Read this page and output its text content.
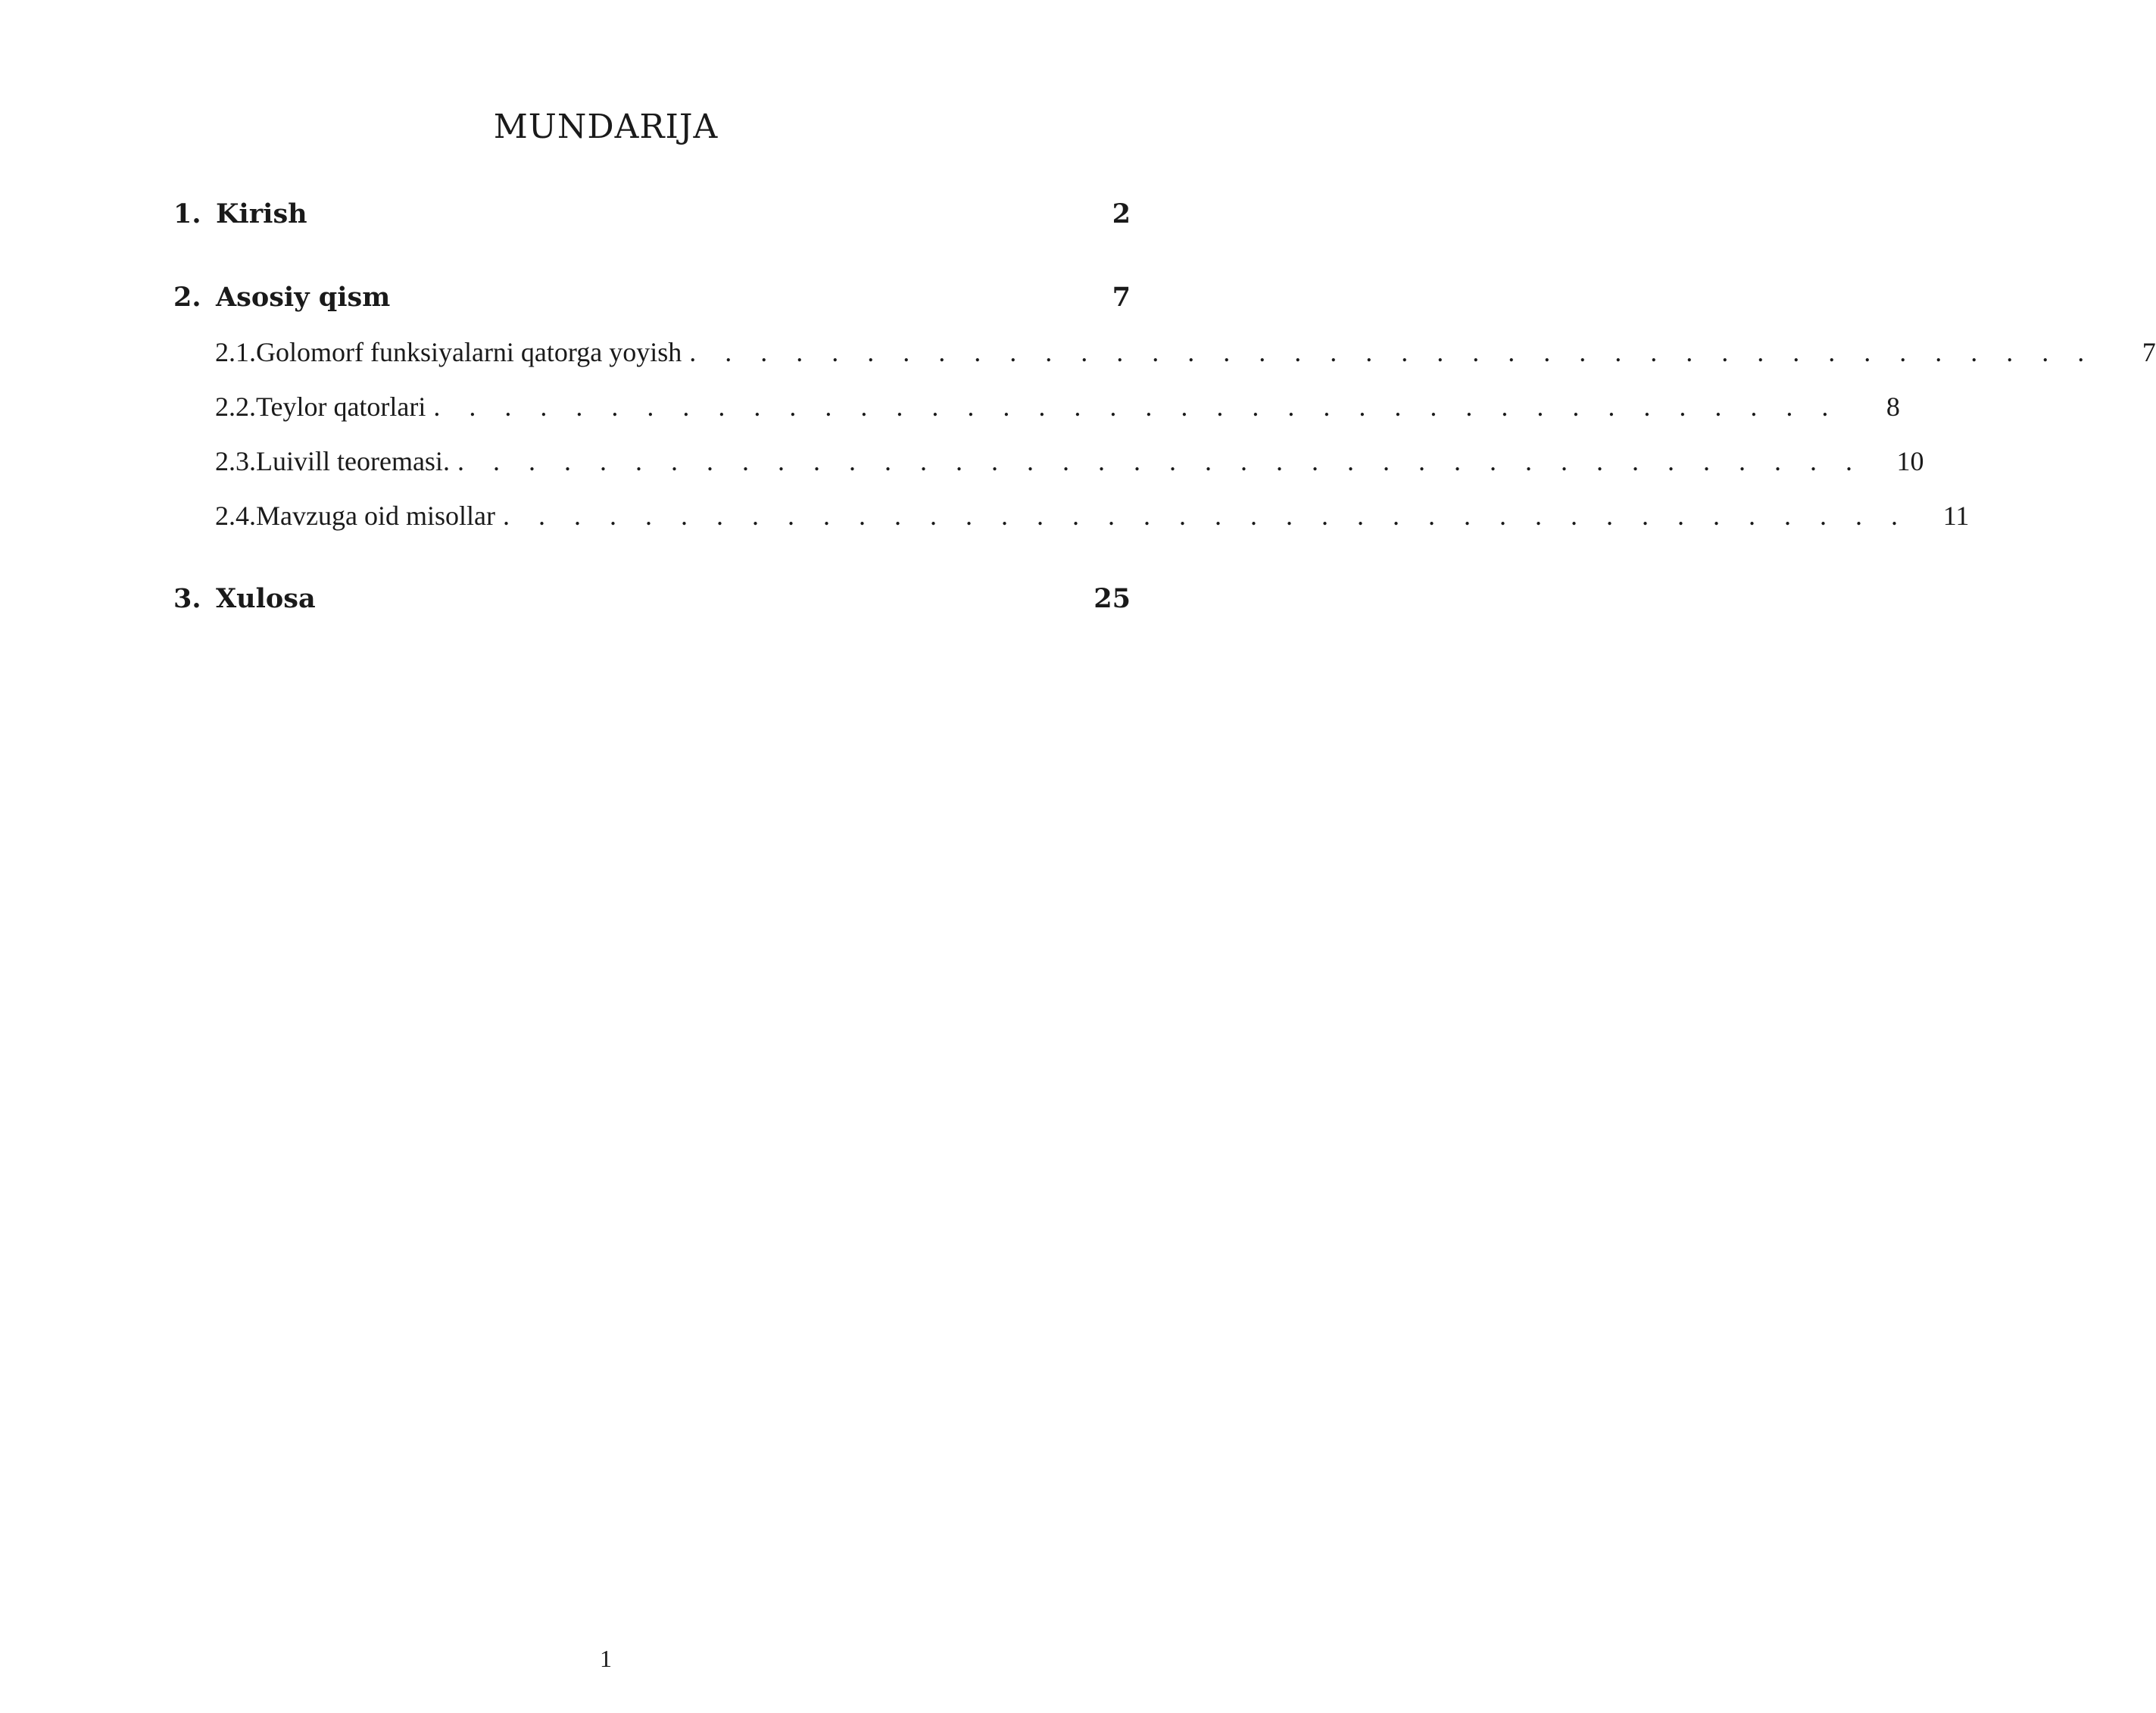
MUNDARIJA
1. Kirish	2
2. Asosiy qism	7
2.1. Golomorf funksiyalarni qatorga yoyish . . . . . . . . . . . . . . . . . . . . . . . . . . . . . . . . . . . . . . . .	7
2.2. Teylor qatorlari . . . . . . . . . . . . . . . . . . . . . . . . . . . . . . . . . . . . . . . .	8
2.3. Luivill teoremasi. . . . . . . . . . . . . . . . . . . . . . . . . . . . . . . . . . . . . . . . .	10
2.4. Mavzuga oid misollar . . . . . . . . . . . . . . . . . . . . . . . . . . . . . . . . . . . . . . . .	11
3. Xulosa	25
1
